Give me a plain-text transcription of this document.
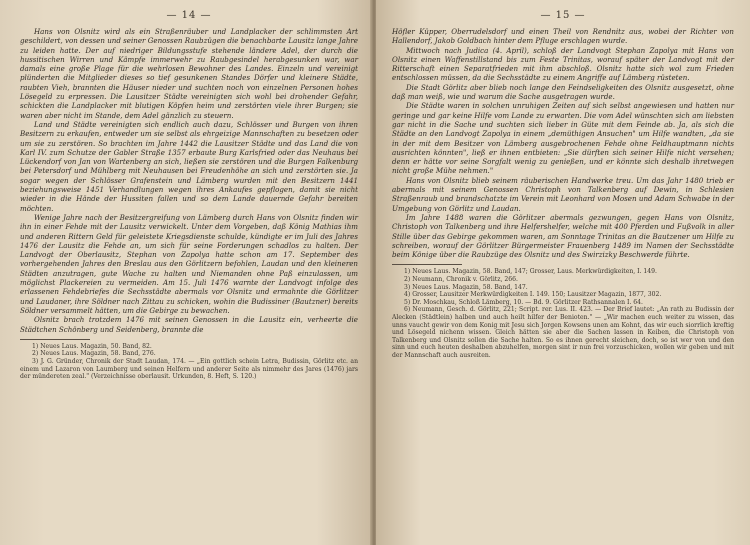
— 14 —

Hans von Olsnitz wird als ein Straßenräuber und Landplacker der schlimmsten Art geschildert, von dessen und seiner Genossen Raubzügen die benachbarte Lausitz lange Jahre zu leiden hatte. Der auf niedriger Bildungsstufe stehende ländere Adel, der durch die hussitischen Wirren und Kämpfe immerwehr zu Raubgesindel herabgesunken war, war damals eine große Plage für die wehrlosen Bewohner des Landes. Einzeln und vereinigt plünderten die Mitglieder dieses so tief gesunkenen Standes Dörfer und kleinere Städte, raubten Vieh, brannten die Häuser nieder und suchten noch von einzelnen Personen hohes Lösegeld zu erpressen. Die Lausitzer Städte vereinigten sich wohl bei drohender Gefahr, schickten die Landplacker mit blutigen Köpfen heim und zerstörten viele ihrer Burgen; sie waren aber nicht im Stande, dem Adel gänzlich zu steuern.

Land und Städte vereinigten sich endlich auch dazu, Schlösser und Burgen von ihren Besitzern zu erkaufen, entweder um sie selbst als ehrgeizige Mannschaften zu besetzen oder um sie zu zerstören. So brachten im Jahre 1442 die Lausitzer Städte und das Land die von Karl IV. zum Schutze der Gabler Straße 1357 erbaute Burg Karlsfried oder das Neuhaus bei Lückendorf von Jan von Wartenberg an sich, ließen sie zerstören und die Burgen Falkenburg bei Petersdorf und Mühlberg mit Neuhausen bei Freudenhöhe an sich und zerstörten sie. Ja sogar wegen der Schlösser Grafenstein und Lämberg wurden mit den Besitzern 1441 beziehungsweise 1451 Verhandlungen wegen ihres Ankaufes gepflogen, damit sie nicht wieder in die Hände der Hussiten fallen und so dem Lande dauernde Gefahr bereiten möchten.

Wenige Jahre nach der Besitzergreifung von Lämberg durch Hans von Olsnitz finden wir ihn in einer Fehde mit der Lausitz verwickelt. Unter dem Vorgeben, daß König Mathias ihm und anderen Rittern Geld für geleistete Kriegsdienste schulde, kündigte er im Juli des Jahres 1476 der Lausitz die Fehde an, um sich für seine Forderungen schadlos zu halten. Der Landvogt der Oberlausitz, Stephan von Zapolya hatte schon am 17. September des vorhergehenden Jahres den Breslau aus den Görlitzern befohlen, Laudan und den kleineren Städten anzutragen, gute Wache zu halten und Niemanden ohne Paß einzulassen, um möglichst Plackereien zu vermeiden. Am 15. Juli 1476 warnte der Landvogt infolge des erlassenen Fehdebriefes die Sechsstädte abermals vor Olsnitz und ermahnte die Görlitzer und Laudaner, ihre Söldner nach Zittau zu schicken, wohin die Budissiner (Bautzner) bereits Söldner versammelt hätten, um die Gebirge zu bewachen.

Olsnitz brach trotzdem 1476 mit seinen Genossen in die Lausitz ein, verheerte die Städtchen Schönberg und Seidenberg, brannte die

1) Neues Laus. Magazin, 50. Band, 82.

2) Neues Laus. Magazin, 58. Band, 276.

3) J. G. Gründer, Chronik der Stadt Laudan, 174. — „Ein gottlich schein Letra, Budissin, Görlitz etc. an einem und Lazaron von Laumberg und seinen Helfern und anderer Seite als nimmehr des Jares (1476) jars der mündereten zeal." (Verzeichnisse oberlausit. Urkunden, 8. Heft, S. 120.)

— 15 —

Höfler Küpper, Oberrudelsdorf und einen Theil von Rendnitz aus, wobei der Richter von Hallendorf, Jakob Goldbach hinter dem Pfluge erschlagen wurde.

Mittwoch nach Judica (4. April), schloß der Landvogt Stephan Zapolya mit Hans von Olsnitz einen Waffenstillstand bis zum Feste Trinitas, worauf später der Landvogt mit der Ritterschaft einen Separatfrieden mit ihm abschloß. Olsnitz hatte sich wol zum Frieden entschlossen müssen, da die Sechsstädte zu einem Angriffe auf Lämberg rüsteten.

Die Stadt Görlitz aber blieb noch lange den Feindseligkeiten des Olsnitz ausgesetzt, ohne daß man weiß, wie und warum die Sache ausgetragen wurde.

Die Städte waren in solchen unruhigen Zeiten auf sich selbst angewiesen und hatten nur geringe und gar keine Hilfe vom Lande zu erwarten. Die vom Adel wünschten sich am liebsten gar nicht in die Sache und suchten sich lieber in Güte mit dem Feinde ab. Ja, als sich die Städte an den Landvogt Zapolya in einem „demüthigen Ansuchen" um Hilfe wandten, „da sie in der mit dem Besitzer von Lämberg ausgebrochenen Fehde ohne Feldhauptmann nichts ausrichten könnten", ließ er ihnen entbieten: „Sie dürften sich seiner Hilfe nicht versehen; denn er hätte vor seine Sorgfalt wenig zu genießen, und er könnte sich deshalb ihretwegen nicht große Mühe nehmen."

Hans von Olsnitz blieb seinem räuberischen Handwerke treu. Um das Jahr 1480 trieb er abermals mit seinem Genossen Christoph von Talkenberg auf Dewin, in Schlesien Straßenraub und brandschatzte im Verein mit Leonhard von Mosen und Adam Schwabe in der Umgebung von Görlitz und Laudan.

Im Jahre 1488 waren die Görlitzer abermals gezwungen, gegen Hans von Olsnitz, Christoph von Talkenberg und ihre Helfershelfer, welche mit 400 Pferden und Fußvolk in aller Stille über das Gebirge gekommen waren, am Sonntage Trinitas an die Bautzener um Hilfe zu schreiben, worauf der Görlitzer Bürgermeister Frauenberg 1489 im Namen der Sechsstädte beim Könige über die Raubzüge des Olsnitz und des Swirzizky Beschwerde führte.

1) Neues Laus. Magazin, 58. Band, 147; Grosser, Laus. Merkwürdigkeiten, I. 149.

2) Neumann, Chronik v. Görlitz, 266.

3) Neues Laus. Magazin, 58. Band, 147.

4) Grosser, Lausitzer Merkwürdigkeiten I. 149. 150; Lausitzer Magazin, 1877, 302.

5) Dr. Moschkau, Schloß Lämberg, 10. — Bd. 9. Görlitzer Rathsannalen I. 64.

6) Neumann, Gesch. d. Görlitz, 221; Script. rer. Lus. II. 423. — Der Brief lautet: „An rath zu Budissin der Alecken (Städtlein) halben und auch heilt hilfer der Benioten." — „Wir machen euch weiter zu wissen, das unns vaucht gewir von dem Konig mit Jesu sich Jorgen Kowsens unen am Kohnt, das wir euch siorrlich kreftig und Lösegeld nichenn wissen. Gleich hätten sie aber die Sachen lassen in Keiben, die Christoph von Talkenberg und Olsnitz sollen die Sache halten. So es ihnen gerecht sleichen, doch, so ist wer von und den sinn und euch heuten deshalben abzuhelfen, morgen sint ir nun frei vorzuschicken, wollen wir geben und mit der Mannschaft auch ausreiten.
